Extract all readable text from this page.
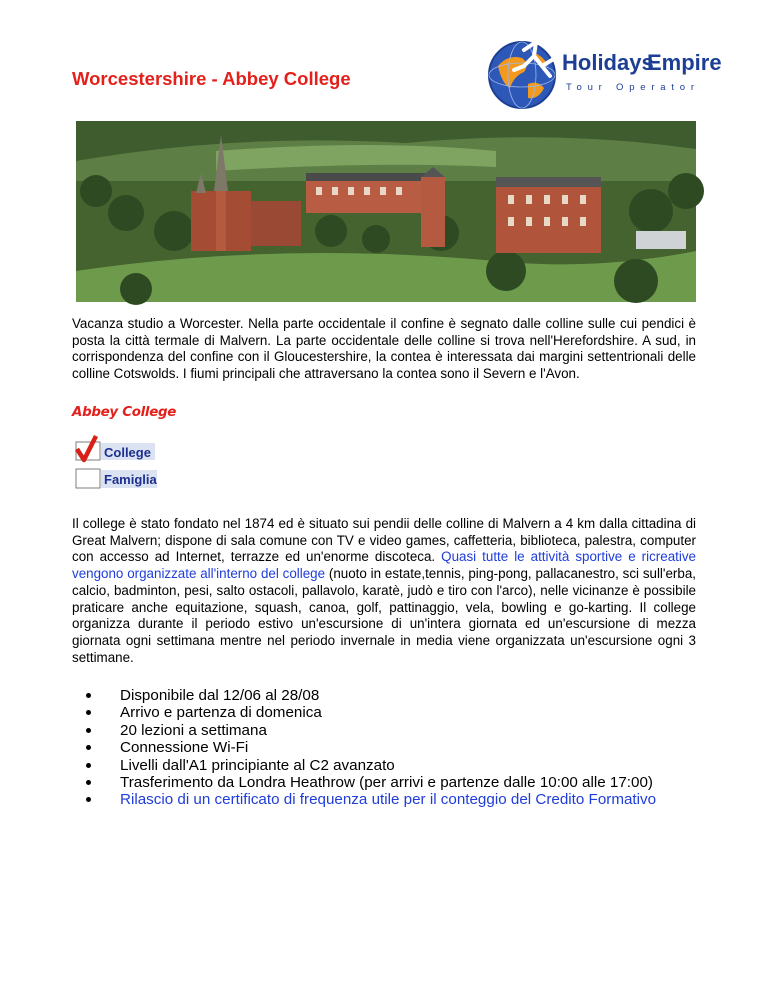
Worcestershire - Abbey College
Holidays
Empire
Tour Operator

Vacanza studio a Worcester. Nella parte occidentale il confine è segnato dalle colline sulle cui pendici è posta la città termale di Malvern. La parte occidentale delle colline si trova nell'Herefordshire. A sud, in corrispondenza del confine con il Gloucestershire, la contea è interessata dai margini settentrionali delle colline Cotswolds. I fiumi principali che attraversano la contea sono il Severn e l'Avon.

Abbey College
College
Famiglia

Il college è stato fondato nel 1874 ed è situato sui pendii delle colline di Malvern a 4 km dalla cittadina di Great Malvern; dispone di sala comune con TV e video games, caffetteria, biblioteca, palestra, computer con accesso ad Internet, terrazze ed un'enorme discoteca. Quasi tutte le attività sportive e ricreative vengono organizzate all'interno del college (nuoto in estate,tennis, ping-pong, pallacanestro, sci sull'erba, calcio, badminton, pesi, salto ostacoli, pallavolo, karatè, judò e tiro con l'arco), nelle vicinanze è possibile praticare anche equitazione, squash, canoa, golf, pattinaggio, vela, bowling e go-karting. Il college organizza durante il periodo estivo un'escursione di un'intera giornata ed un'escursione di mezza giornata ogni settimana mentre nel periodo invernale in media viene organizzata un'escursione ogni 3 settimane.

Disponibile dal 12/06 al 28/08
Arrivo e partenza di domenica
20 lezioni a settimana
Connessione Wi-Fi
Livelli dall'A1 principiante al C2 avanzato
Trasferimento da Londra Heathrow (per arrivi e partenze dalle 10:00 alle 17:00)
Rilascio di un certificato di frequenza utile per il conteggio del Credito Formativo
